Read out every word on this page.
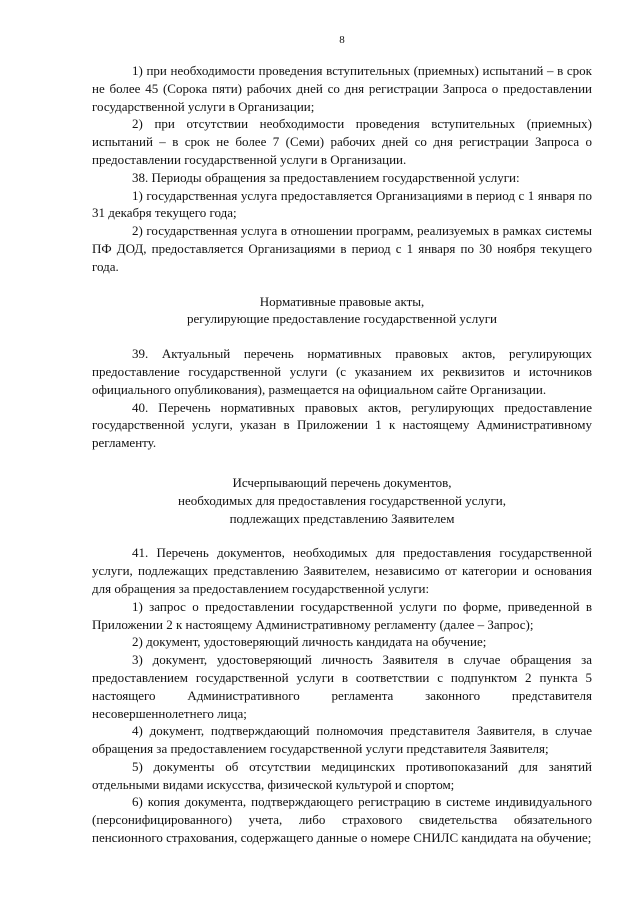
8

1) при необходимости проведения вступительных (приемных) испытаний – в срок не более 45 (Сорока пяти) рабочих дней со дня регистрации Запроса о предоставлении государственной услуги в Организации;

2) при отсутствии необходимости проведения вступительных (приемных) испытаний – в срок не более 7 (Семи) рабочих дней со дня регистрации Запроса о предоставлении государственной услуги в Организации.

38. Периоды обращения за предоставлением государственной услуги:

1) государственная услуга предоставляется Организациями в период с 1 января по 31 декабря текущего года;

2) государственная услуга в отношении программ, реализуемых в рамках системы ПФ ДОД, предоставляется Организациями в период с 1 января по 30 ноября текущего года.

Нормативные правовые акты,
регулирующие предоставление государственной услуги

39. Актуальный перечень нормативных правовых актов, регулирующих предоставление государственной услуги (с указанием их реквизитов и источников официального опубликования), размещается на официальном сайте Организации.

40. Перечень нормативных правовых актов, регулирующих предоставление государственной услуги, указан в Приложении 1 к настоящему Административному регламенту.

Исчерпывающий перечень документов,
необходимых для предоставления государственной услуги,
подлежащих представлению Заявителем

41. Перечень документов, необходимых для предоставления государственной услуги, подлежащих представлению Заявителем, независимо от категории и основания для обращения за предоставлением государственной услуги:

1) запрос о предоставлении государственной услуги по форме, приведенной в Приложении 2 к настоящему Административному регламенту (далее – Запрос);

2) документ, удостоверяющий личность кандидата на обучение;

3) документ, удостоверяющий личность Заявителя в случае обращения за предоставлением государственной услуги в соответствии с подпунктом 2 пункта 5 настоящего Административного регламента законного представителя несовершеннолетнего лица;

4) документ, подтверждающий полномочия представителя Заявителя, в случае обращения за предоставлением государственной услуги представителя Заявителя;

5) документы об отсутствии медицинских противопоказаний для занятий отдельными видами искусства, физической культурой и спортом;

6) копия документа, подтверждающего регистрацию в системе индивидуального (персонифицированного) учета, либо страхового свидетельства обязательного пенсионного страхования, содержащего данные о номере СНИЛС кандидата на обучение;
